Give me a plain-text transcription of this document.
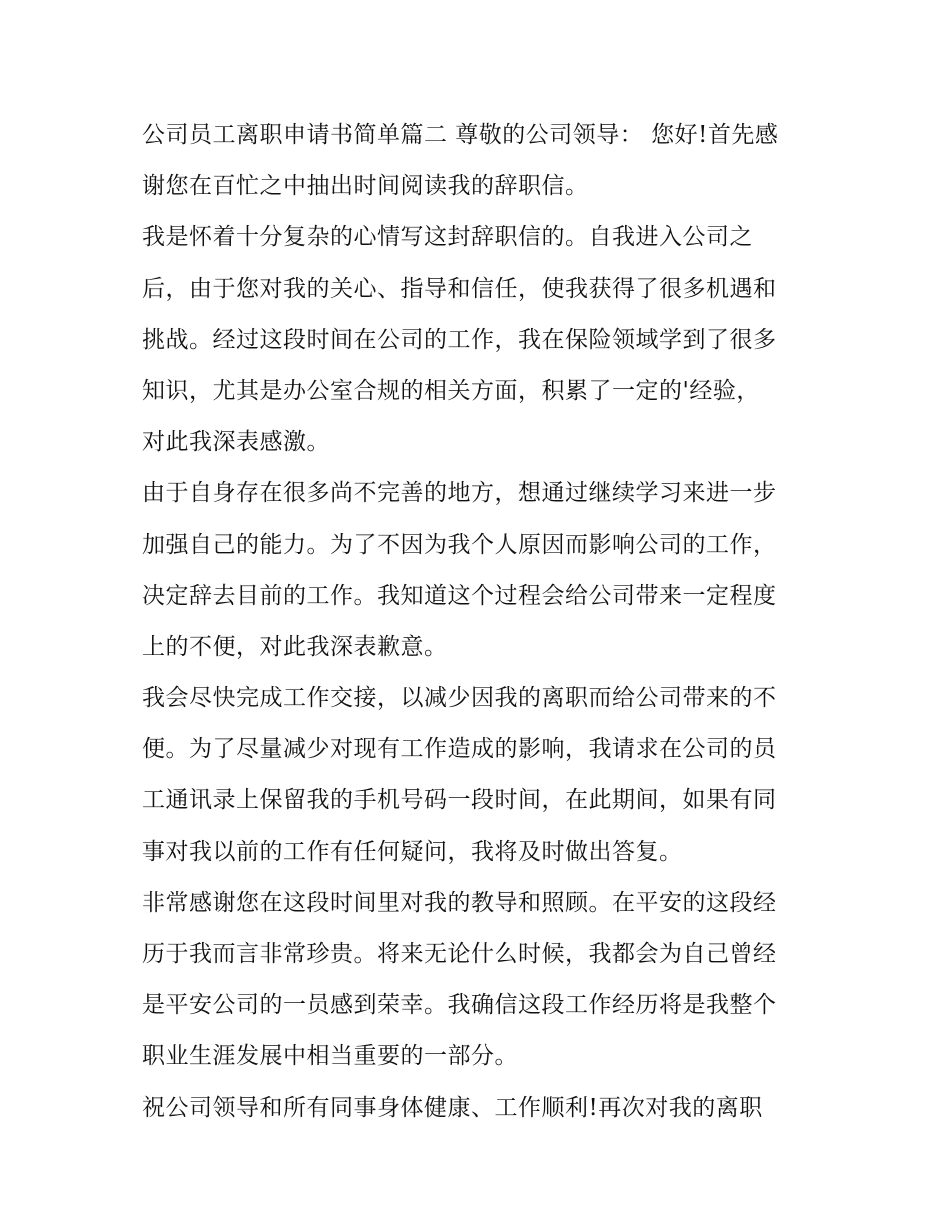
公司员工离职申请书简单篇二 尊敬的公司领导： 您好!首先感
谢您在百忙之中抽出时间阅读我的辞职信。
我是怀着十分复杂的心情写这封辞职信的。自我进入公司之
后，由于您对我的关心、指导和信任，使我获得了很多机遇和
挑战。经过这段时间在公司的工作，我在保险领域学到了很多
知识，尤其是办公室合规的相关方面，积累了一定的'经验，
对此我深表感激。
由于自身存在很多尚不完善的地方，想通过继续学习来进一步
加强自己的能力。为了不因为我个人原因而影响公司的工作，
决定辞去目前的工作。我知道这个过程会给公司带来一定程度
上的不便，对此我深表歉意。
我会尽快完成工作交接，以减少因我的离职而给公司带来的不
便。为了尽量减少对现有工作造成的影响，我请求在公司的员
工通讯录上保留我的手机号码一段时间，在此期间，如果有同
事对我以前的工作有任何疑问，我将及时做出答复。
非常感谢您在这段时间里对我的教导和照顾。在平安的这段经
历于我而言非常珍贵。将来无论什么时候，我都会为自己曾经
是平安公司的一员感到荣幸。我确信这段工作经历将是我整个
职业生涯发展中相当重要的一部分。
祝公司领导和所有同事身体健康、工作顺利!再次对我的离职
